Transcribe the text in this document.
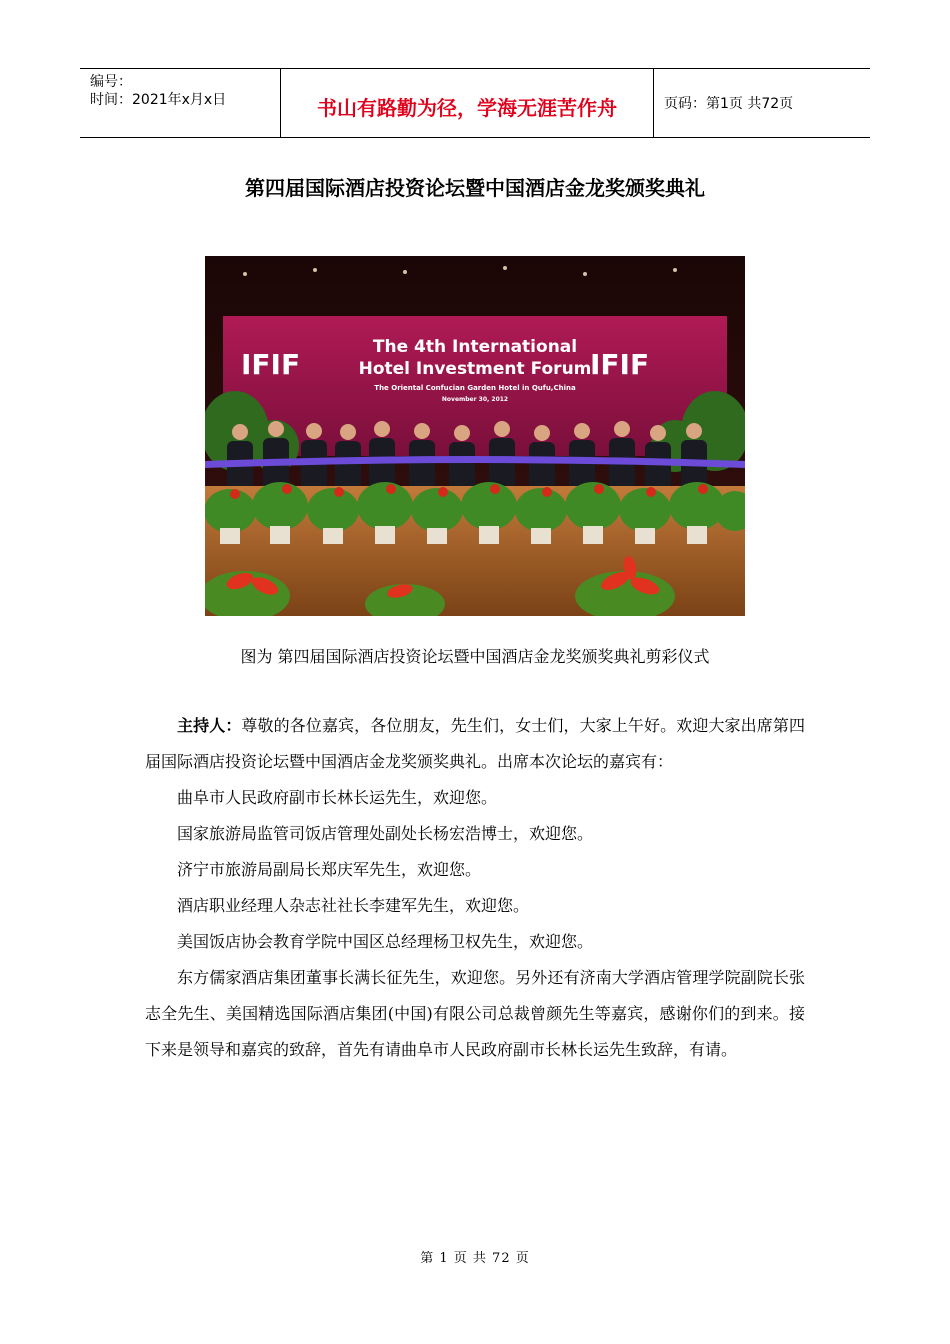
编号：
时间：2021年x月x日	书山有路勤为径，学海无涯苦作舟	页码：第1页 共72页
第四届国际酒店投资论坛暨中国酒店金龙奖颁奖典礼
IFIF	IFIF
The 4th International
Hotel Investment Forum
The Oriental Confucian Garden Hotel in Qufu,China
November 30, 2012
图为 第四届国际酒店投资论坛暨中国酒店金龙奖颁奖典礼剪彩仪式

主持人：尊敬的各位嘉宾，各位朋友，先生们，女士们，大家上午好。欢迎大家出席第四届国际酒店投资论坛暨中国酒店金龙奖颁奖典礼。出席本次论坛的嘉宾有：

曲阜市人民政府副市长林长运先生，欢迎您。

国家旅游局监管司饭店管理处副处长杨宏浩博士，欢迎您。

济宁市旅游局副局长郑庆军先生，欢迎您。

酒店职业经理人杂志社社长李建军先生，欢迎您。

美国饭店协会教育学院中国区总经理杨卫权先生，欢迎您。

东方儒家酒店集团董事长满长征先生，欢迎您。另外还有济南大学酒店管理学院副院长张志全先生、美国精选国际酒店集团(中国)有限公司总裁曾颜先生等嘉宾，感谢你们的到来。接下来是领导和嘉宾的致辞，首先有请曲阜市人民政府副市长林长运先生致辞，有请。

第 1 页 共 72 页
